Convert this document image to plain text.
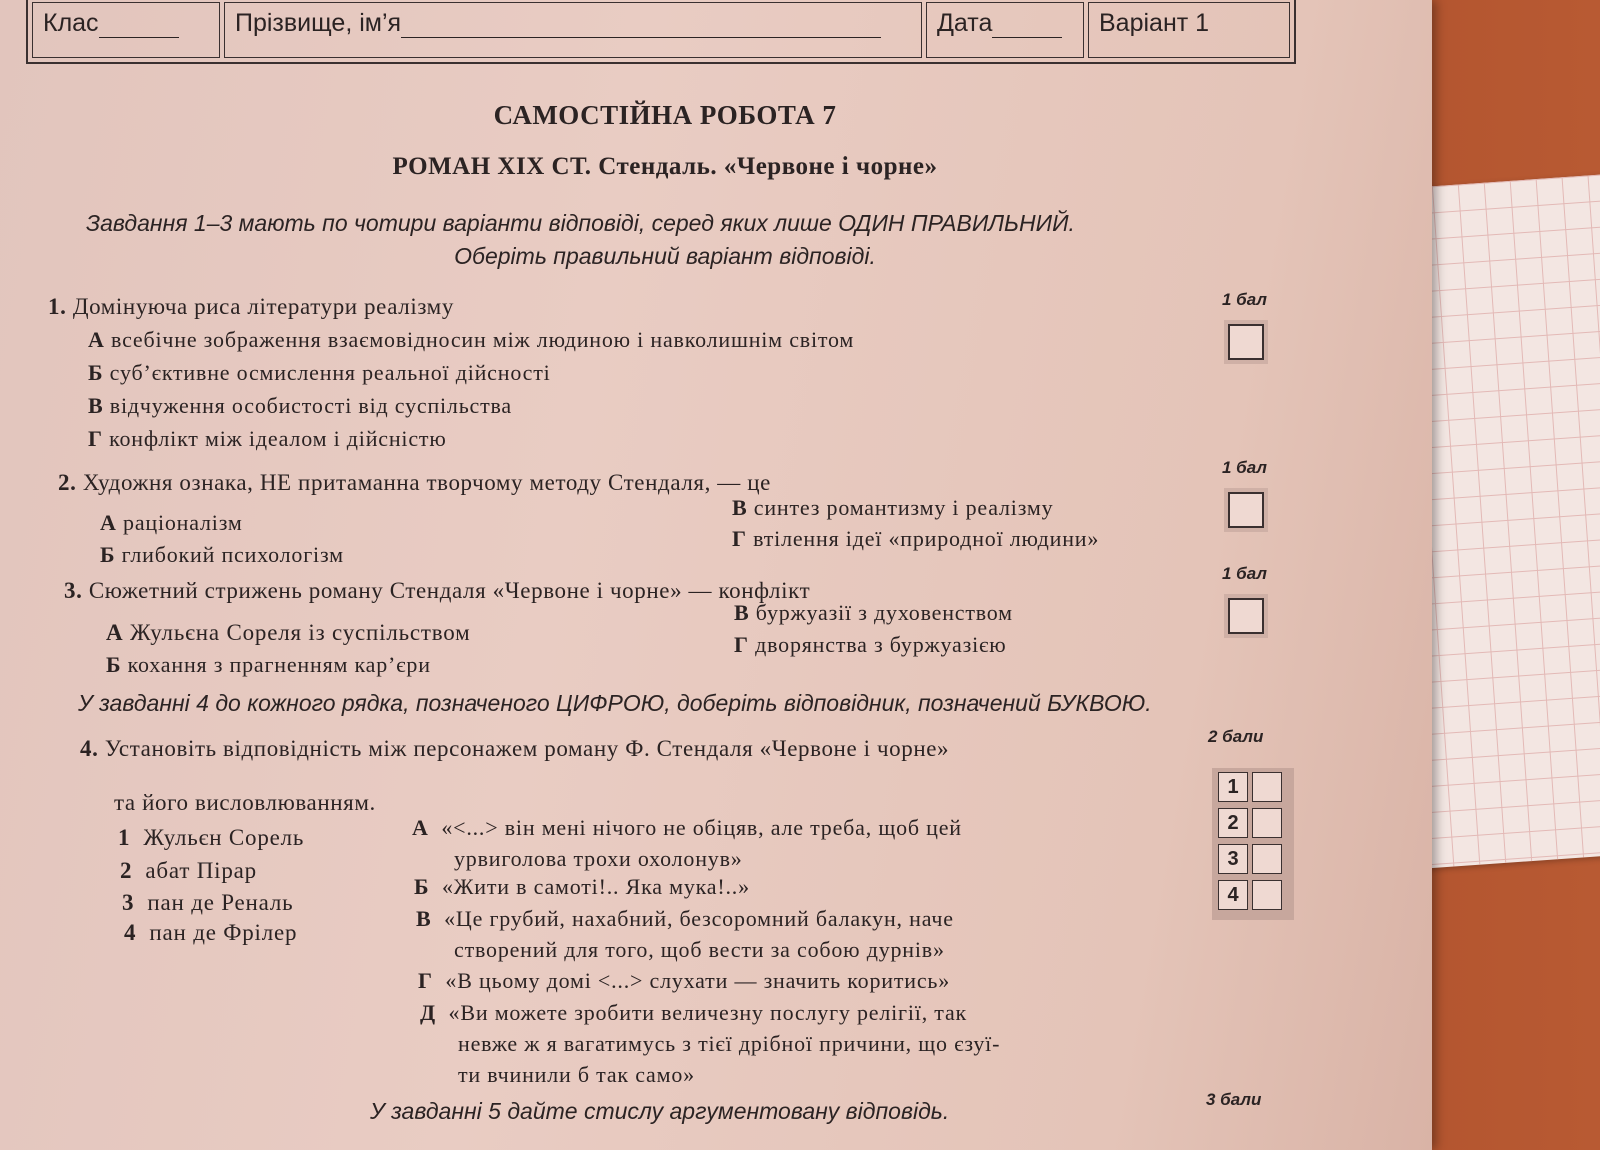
Клас	Прізвище, ім’я	Дата	Варіант 1
САМОСТІЙНА РОБОТА 7
РОМАН XIX СТ. Стендаль. «Червоне і чорне»
Завдання 1–3 мають по чотири варіанти відповіді, серед яких лише ОДИН ПРАВИЛЬНИЙ.
Оберіть правильний варіант відповіді.
1. Домінуюча риса літератури реалізму	1 бал
А всебічне зображення взаємовідносин між людиною і навколишнім світом
Б суб’єктивне осмислення реальної дійсності
В відчуження особистості від суспільства
Г конфлікт між ідеалом і дійсністю
2. Художня ознака, НЕ притаманна творчому методу Стендаля, — це
1 бал
А раціоналізм
Б глибокий психологізм
В синтез романтизму і реалізму
Г втілення ідеї «природної людини»
3. Сюжетний стрижень роману Стендаля «Червоне і чорне» — конфлікт
1 бал
А Жульєна Сореля із суспільством
Б кохання з прагненням кар’єри
В буржуазії з духовенством
Г дворянства з буржуазією
У завданні 4 до кожного рядка, позначеного ЦИФРОЮ, доберіть відповідник, позначений БУКВОЮ.
4. Установіть відповідність між персонажем роману Ф. Стендаля «Червоне і чорне»
та його висловлюванням.
2 бали
1 Жульєн Сорель
2 абат Пірар
3 пан де Реналь
4 пан де Фрілер
А «<...> він мені нічого не обіцяв, але треба, щоб цей
урвиголова трохи охолонув»
Б «Жити в самоті!.. Яка мука!..»
В «Це грубий, нахабний, безсоромний балакун, наче
створений для того, щоб вести за собою дурнів»
Г «В цьому домі <...> слухати — значить коритись»
Д «Ви можете зробити величезну послугу релігії, так
невже ж я вагатимусь з тієї дрібної причини, що єзуї-
ти вчинили б так само»
1
2
3
4
У завданні 5 дайте стислу аргументовану відповідь.	3 бали
